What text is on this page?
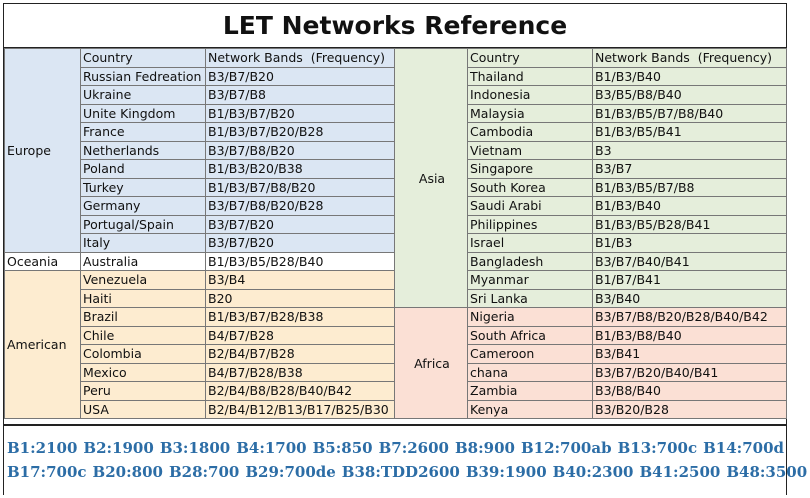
LET Networks Reference
Europe	Country	Network Bands  (Frequency)
	Russian Fedreation	B3/B7/B20
	Ukraine	B3/B7/B8
	Unite Kingdom	B1/B3/B7/B20
	France	B1/B3/B7/B20/B28
	Netherlands	B3/B7/B8/B20
	Poland	B1/B3/B20/B38
	Turkey	B1/B3/B7/B8/B20
	Germany	B3/B7/B8/B20/B28
	Portugal/Spain	B3/B7/B20
	Italy	B3/B7/B20
Oceania	Australia	B1/B3/B5/B28/B40
American	Venezuela	B3/B4
	Haiti	B20
	Brazil	B1/B3/B7/B28/B38
	Chile	B4/B7/B28
	Colombia	B2/B4/B7/B28
	Mexico	B4/B7/B28/B38
	Peru	B2/B4/B8/B28/B40/B42
	USA	B2/B4/B12/B13/B17/B25/B30
Asia	Country	Network Bands  (Frequency)
	Thailand	B1/B3/B40
	Indonesia	B3/B5/B8/B40
	Malaysia	B1/B3/B5/B7/B8/B40
	Cambodia	B1/B3/B5/B41
	Vietnam	B3
	Singapore	B3/B7
	South Korea	B1/B3/B5/B7/B8
	Saudi Arabi	B1/B3/B40
	Philippines	B1/B3/B5/B28/B41
	Israel	B1/B3
	Bangladesh	B3/B7/B40/B41
	Myanmar	B1/B7/B41
	Sri Lanka	B3/B40
Africa	Nigeria	B3/B7/B8/B20/B28/B40/B42
	South Africa	B1/B3/B8/B40
	Cameroon	B3/B41
	chana	B3/B7/B20/B40/B41
	Zambia	B3/B8/B40
	Kenya	B3/B20/B28
B1:2100 B2:1900 B3:1800 B4:1700 B5:850 B7:2600 B8:900 B12:700ab B13:700c B14:700d
B17:700c B20:800 B28:700 B29:700de B38:TDD2600 B39:1900 B40:2300 B41:2500 B48:3500
